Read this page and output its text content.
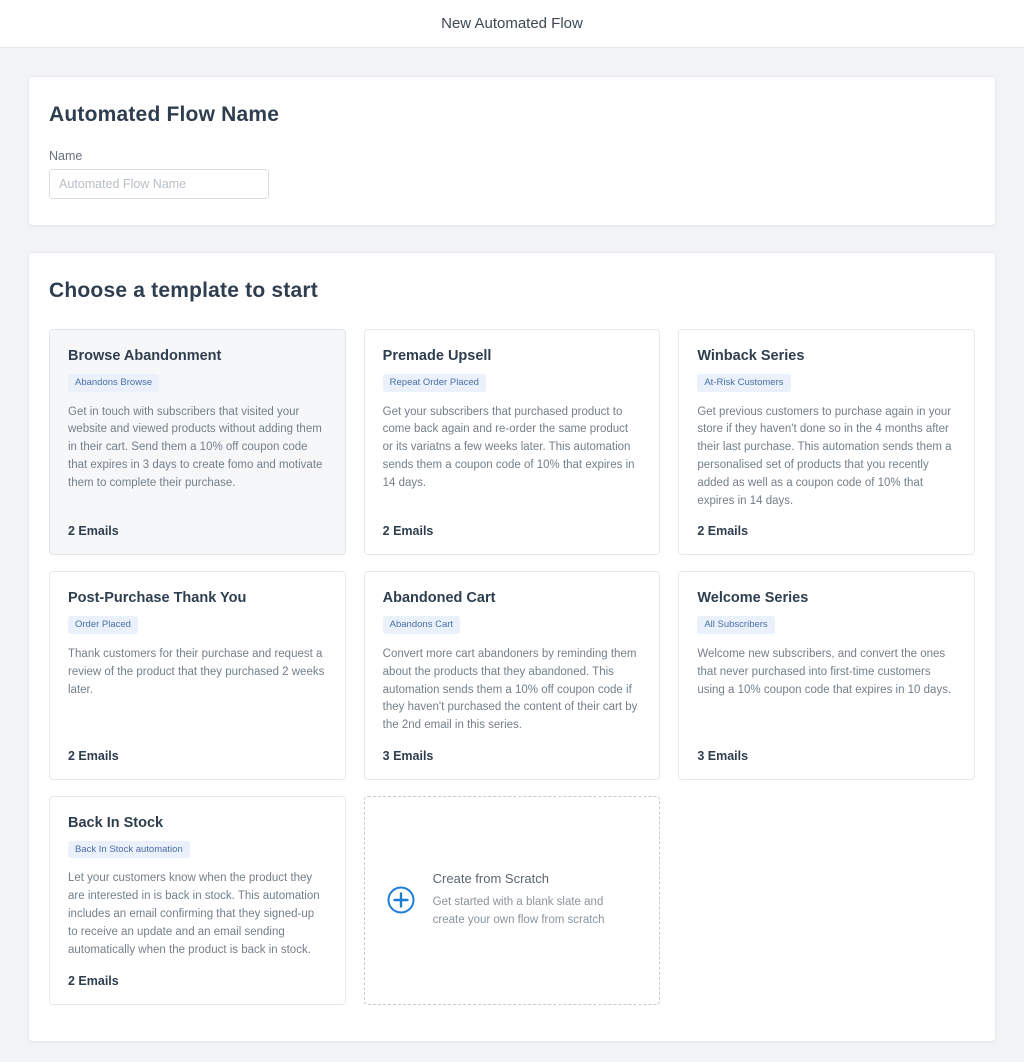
New Automated Flow
Automated Flow Name
Name
Automated Flow Name
Choose a template to start
Browse Abandonment
Abandons Browse
Get in touch with subscribers that visited your website and viewed products without adding them in their cart. Send them a 10% off coupon code that expires in 3 days to create fomo and motivate them to complete their purchase.
2 Emails
Premade Upsell
Repeat Order Placed
Get your subscribers that purchased product to come back again and re-order the same product or its variatns a few weeks later. This automation sends them a coupon code of 10% that expires in 14 days.
2 Emails
Winback Series
At-Risk Customers
Get previous customers to purchase again in your store if they haven't done so in the 4 months after their last purchase. This automation sends them a personalised set of products that you recently added as well as a coupon code of 10% that expires in 14 days.
2 Emails
Post-Purchase Thank You
Order Placed
Thank customers for their purchase and request a review of the product that they purchased 2 weeks later.
2 Emails
Abandoned Cart
Abandons Cart
Convert more cart abandoners by reminding them about the products that they abandoned. This automation sends them a 10% off coupon code if they haven't purchased the content of their cart by the 2nd email in this series.
3 Emails
Welcome Series
All Subscribers
Welcome new subscribers, and convert the ones that never purchased into first-time customers using a 10% coupon code that expires in 10 days.
3 Emails
Back In Stock
Back In Stock automation
Let your customers know when the product they are interested in is back in stock. This automation includes an email confirming that they signed-up to receive an update and an email sending automatically when the product is back in stock.
2 Emails
Create from Scratch
Get started with a blank slate and create your own flow from scratch
